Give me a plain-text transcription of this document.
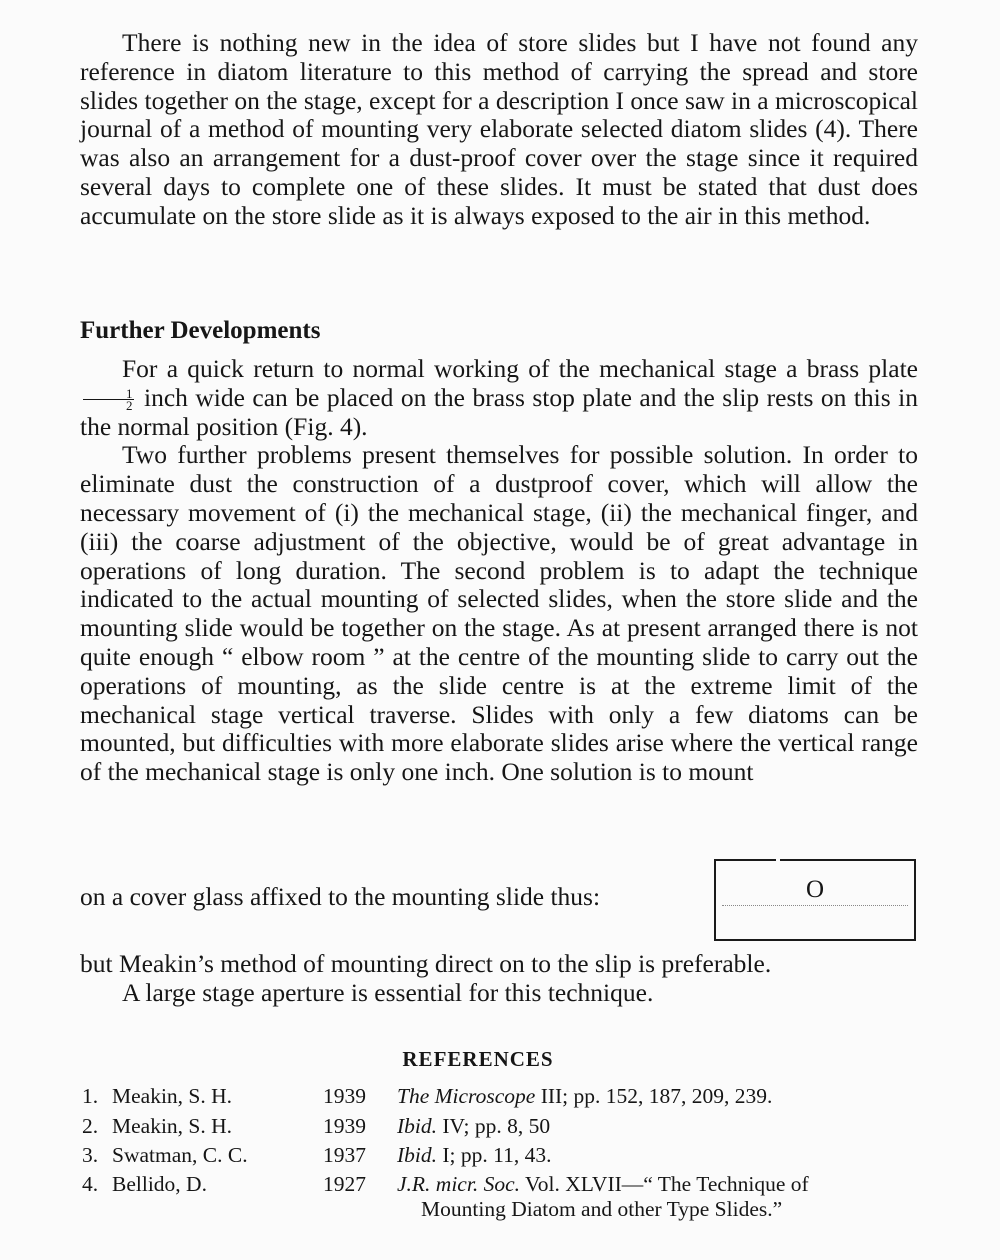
There is nothing new in the idea of store slides but I have not found any reference in diatom literature to this method of carrying the spread and store slides together on the stage, except for a description I once saw in a microscopical journal of a method of mounting very elaborate selected diatom slides (4). There was also an arrangement for a dust-proof cover over the stage since it required several days to complete one of these slides. It must be stated that dust does accumulate on the store slide as it is always exposed to the air in this method.

Further Developments

For a quick return to normal working of the mechanical stage a brass plate
$\frac{1}{2}$ inch wide can be placed on the brass stop plate and the slip rests on this in the normal position (Fig. 4).

Two further problems present themselves for possible solution. In order to eliminate dust the construction of a dustproof cover, which will allow the necessary movement of (i) the mechanical stage, (ii) the mechanical finger, and (iii) the coarse adjustment of the objective, would be of great advantage in operations of long duration. The second problem is to adapt the technique indicated to the actual mounting of selected slides, when the store slide and the mounting slide would be together on the stage. As at present arranged there is not quite enough “ elbow room ” at the centre of the mounting slide to carry out the operations of mounting, as the slide centre is at the extreme limit of the mechanical stage vertical traverse. Slides with only a few diatoms can be mounted, but difficulties with more elaborate slides arise where the vertical range of the mechanical stage is only one inch. One solution is to mount

on a cover glass affixed to the mounting slide thus:	O

but Meakin’s method of mounting direct on to the slip is preferable.

A large stage aperture is essential for this technique.

REFERENCES
1. Meakin, S. H.	1939 The Microscope III; pp. 152, 187, 209, 239.
2. Meakin, S. H.	1939 Ibid. IV; pp. 8, 50
3. Swatman, C. C.	1937 Ibid. I; pp. 11, 43.
4. Bellido, D.	1927 J.R. micr. Soc. Vol. XLVII—“ The Technique of
Mounting Diatom and other Type Slides.”
